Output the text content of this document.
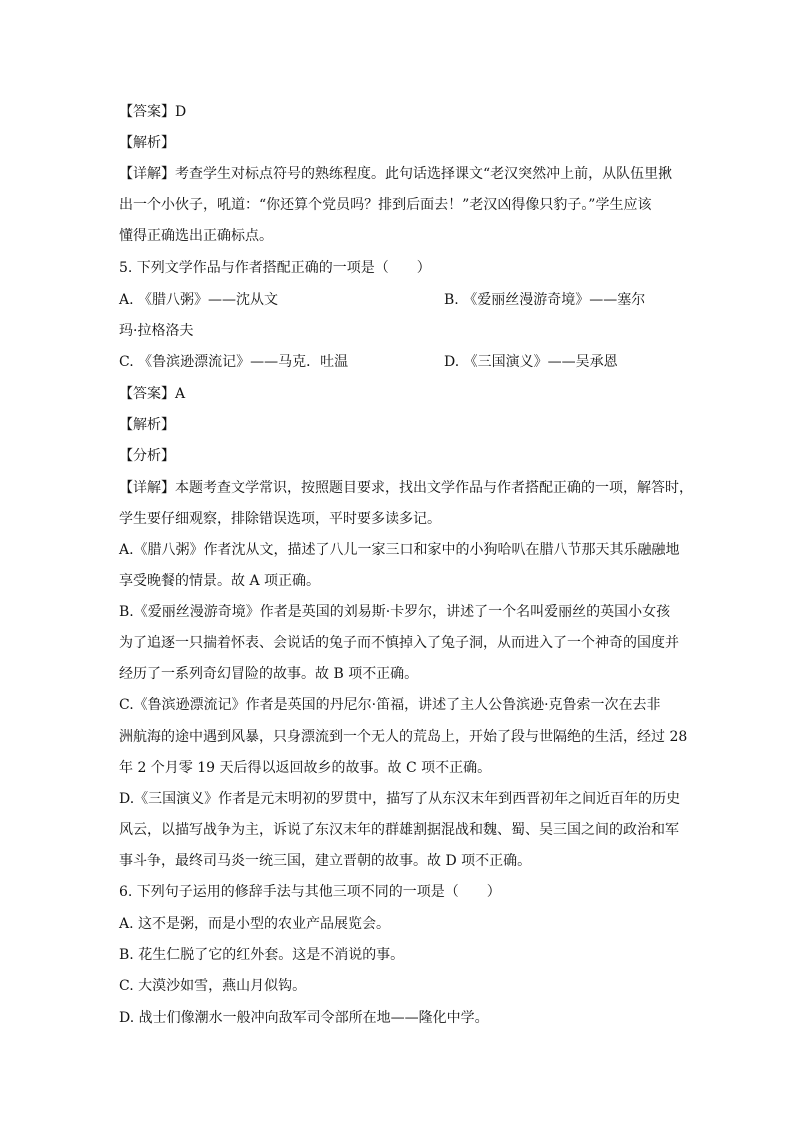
【答案】D
【解析】
【详解】考查学生对标点符号的熟练程度。此句话选择课文“老汉突然冲上前，从队伍里揪
出一个小伙子，吼道：“你还算个党员吗？排到后面去！”老汉凶得像只豹子。”学生应该
懂得正确选出正确标点。
5. 下列文学作品与作者搭配正确的一项是（　　）
A. 《腊八粥》——沈从文	B. 《爱丽丝漫游奇境》——塞尔
玛·拉格洛夫
C. 《鲁滨逊漂流记》——马克．吐温	D. 《三国演义》——吴承恩
【答案】A
【解析】
【分析】
【详解】本题考查文学常识，按照题目要求，找出文学作品与作者搭配正确的一项，解答时，
学生要仔细观察，排除错误选项，平时要多读多记。
A.《腊八粥》作者沈从文，描述了八儿一家三口和家中的小狗哈叭在腊八节那天其乐融融地
享受晚餐的情景。故 A 项正确。
B.《爱丽丝漫游奇境》作者是英国的刘易斯·卡罗尔，讲述了一个名叫爱丽丝的英国小女孩
为了追逐一只揣着怀表、会说话的兔子而不慎掉入了兔子洞，从而进入了一个神奇的国度并
经历了一系列奇幻冒险的故事。故 B 项不正确。
C.《鲁滨逊漂流记》作者是英国的丹尼尔·笛福，讲述了主人公鲁滨逊·克鲁索一次在去非
洲航海的途中遇到风暴，只身漂流到一个无人的荒岛上，开始了段与世隔绝的生活，经过 28
年 2 个月零 19 天后得以返回故乡的故事。故 C 项不正确。
D.《三国演义》作者是元末明初的罗贯中，描写了从东汉末年到西晋初年之间近百年的历史
风云，以描写战争为主，诉说了东汉末年的群雄割据混战和魏、蜀、吴三国之间的政治和军
事斗争，最终司马炎一统三国，建立晋朝的故事。故 D 项不正确。
6. 下列句子运用的修辞手法与其他三项不同的一项是（　　）
A. 这不是粥，而是小型的农业产品展览会。
B. 花生仁脱了它的红外套。这是不消说的事。
C. 大漠沙如雪，燕山月似钩。
D. 战士们像潮水一般冲向敌军司令部所在地——隆化中学。
